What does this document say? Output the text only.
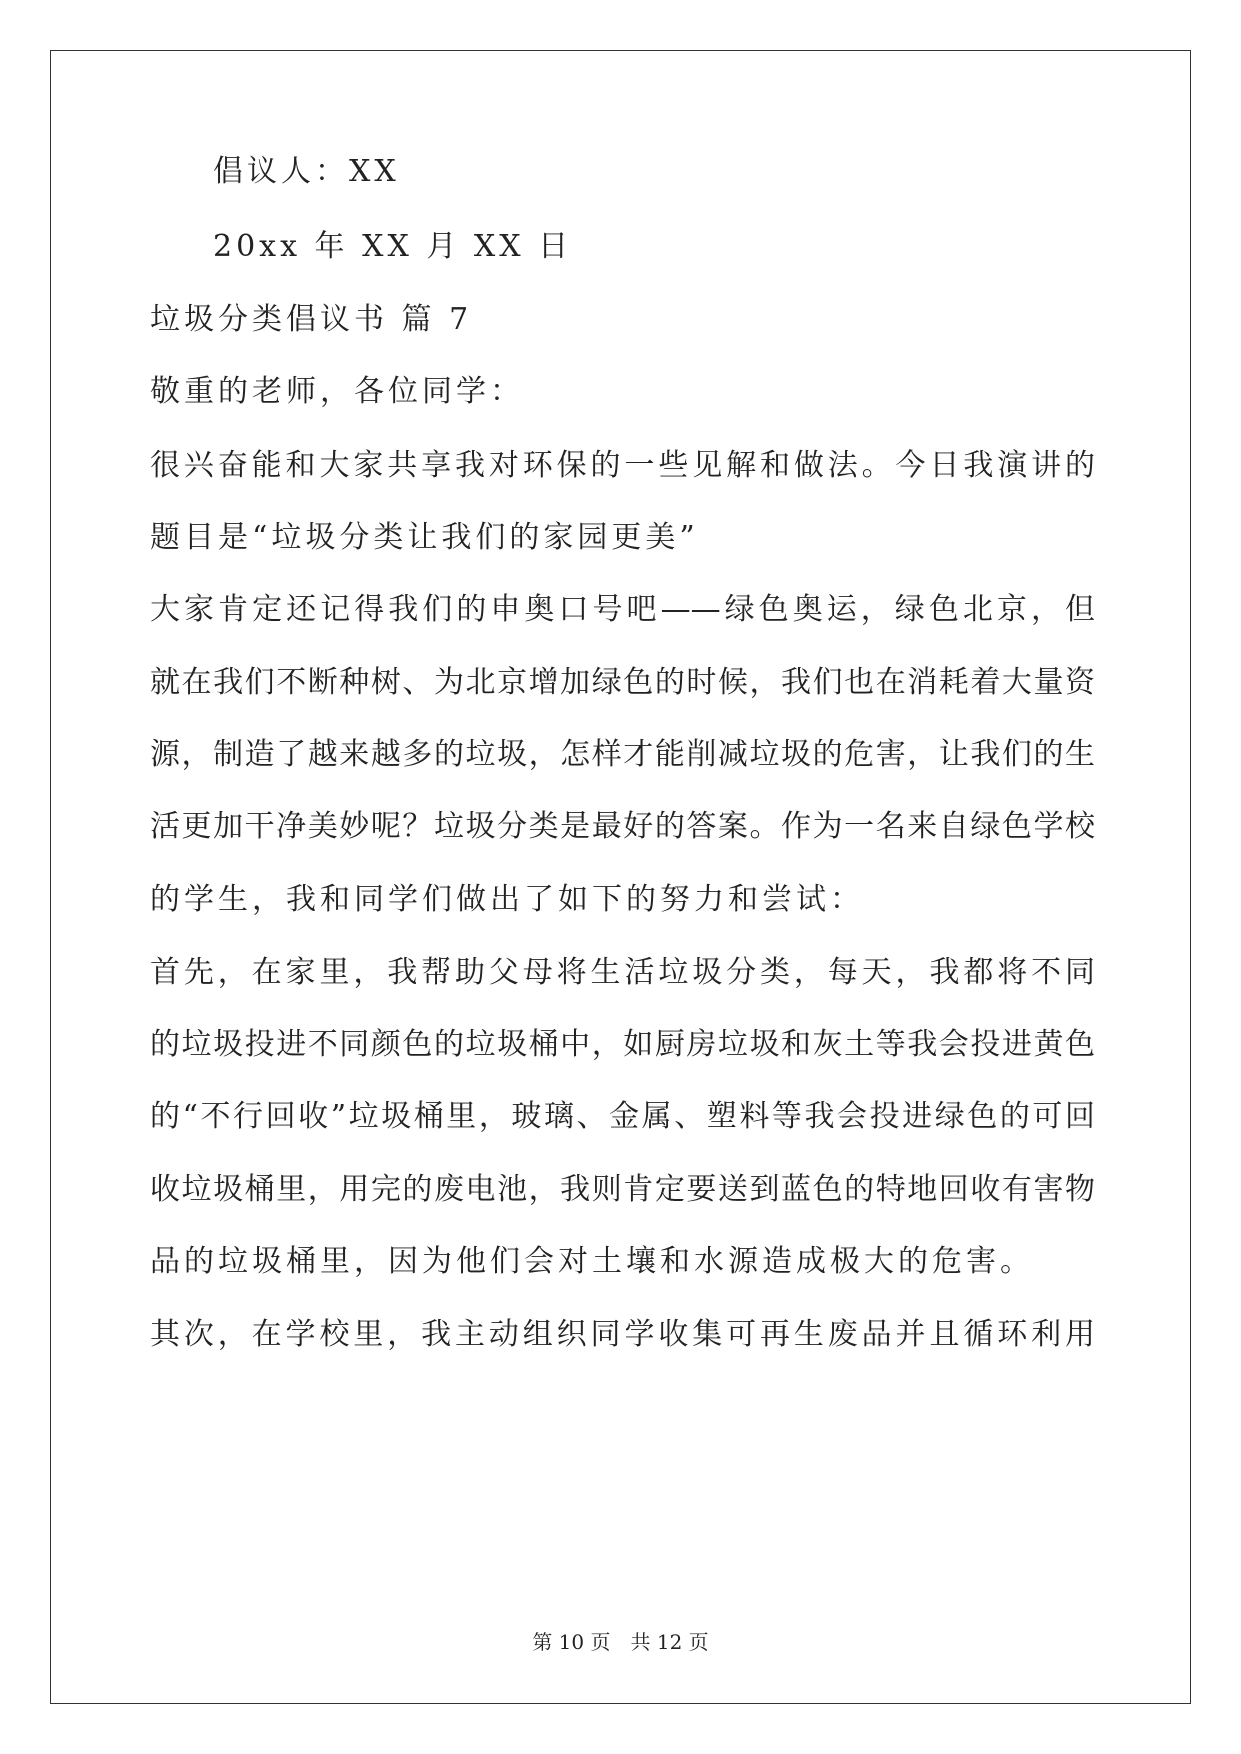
倡议人：XX
20xx 年 XX 月 XX 日
垃圾分类倡议书 篇 7
敬重的老师，各位同学：
很兴奋能和大家共享我对环保的一些见解和做法。今日我演讲的
题目是“垃圾分类让我们的家园更美”
大家肯定还记得我们的申奥口号吧——绿色奥运，绿色北京，但
就在我们不断种树、为北京增加绿色的时候，我们也在消耗着大量资
源，制造了越来越多的垃圾，怎样才能削减垃圾的危害，让我们的生
活更加干净美妙呢？垃圾分类是最好的答案。作为一名来自绿色学校
的学生，我和同学们做出了如下的努力和尝试：
首先，在家里，我帮助父母将生活垃圾分类，每天，我都将不同
的垃圾投进不同颜色的垃圾桶中，如厨房垃圾和灰土等我会投进黄色
的“不行回收”垃圾桶里，玻璃、金属、塑料等我会投进绿色的可回
收垃圾桶里，用完的废电池，我则肯定要送到蓝色的特地回收有害物
品的垃圾桶里，因为他们会对土壤和水源造成极大的危害。
其次，在学校里，我主动组织同学收集可再生废品并且循环利用
第 10 页 共 12 页
